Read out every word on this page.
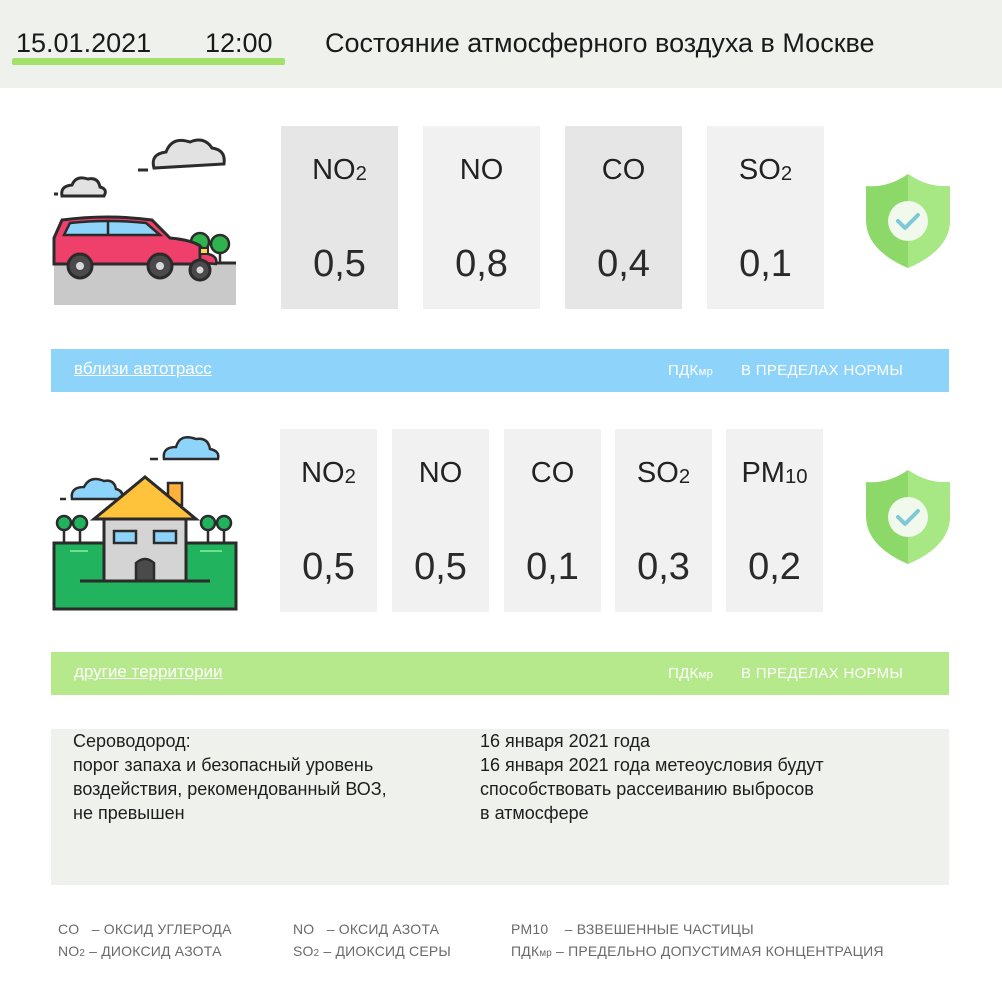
15.01.2021 12:00 Состояние атмосферного воздуха в Москве
$NO_2$
0,5
NO
0,8
CO
0,4
$SO_2$
0,1
вблизи автотрасс	ПДКмр В ПРЕДЕЛАХ НОРМЫ
$NO_2$
0,5
NO
0,5
CO
0,1
$SO_2$
0,3
$PM_{10}$
0,2
другие территории	ПДКмр В ПРЕДЕЛАХ НОРМЫ
Сероводород:
порог запаха и безопасный уровень
воздействия, рекомендованный ВОЗ,
не превышен
16 января 2021 года
16 января 2021 года метеоусловия будут
способствовать рассеиванию выбросов
в атмосфере
CO – ОКСИД УГЛЕРОДА
$NO_2$ – ДИОКСИД АЗОТА
NO – ОКСИД АЗОТА
$SO_2$ – ДИОКСИД СЕРЫ
PM10 – ВЗВЕШЕННЫЕ ЧАСТИЦЫ
$ПДК_{мр}$ – ПРЕДЕЛЬНО ДОПУСТИМАЯ КОНЦЕНТРАЦИЯ
